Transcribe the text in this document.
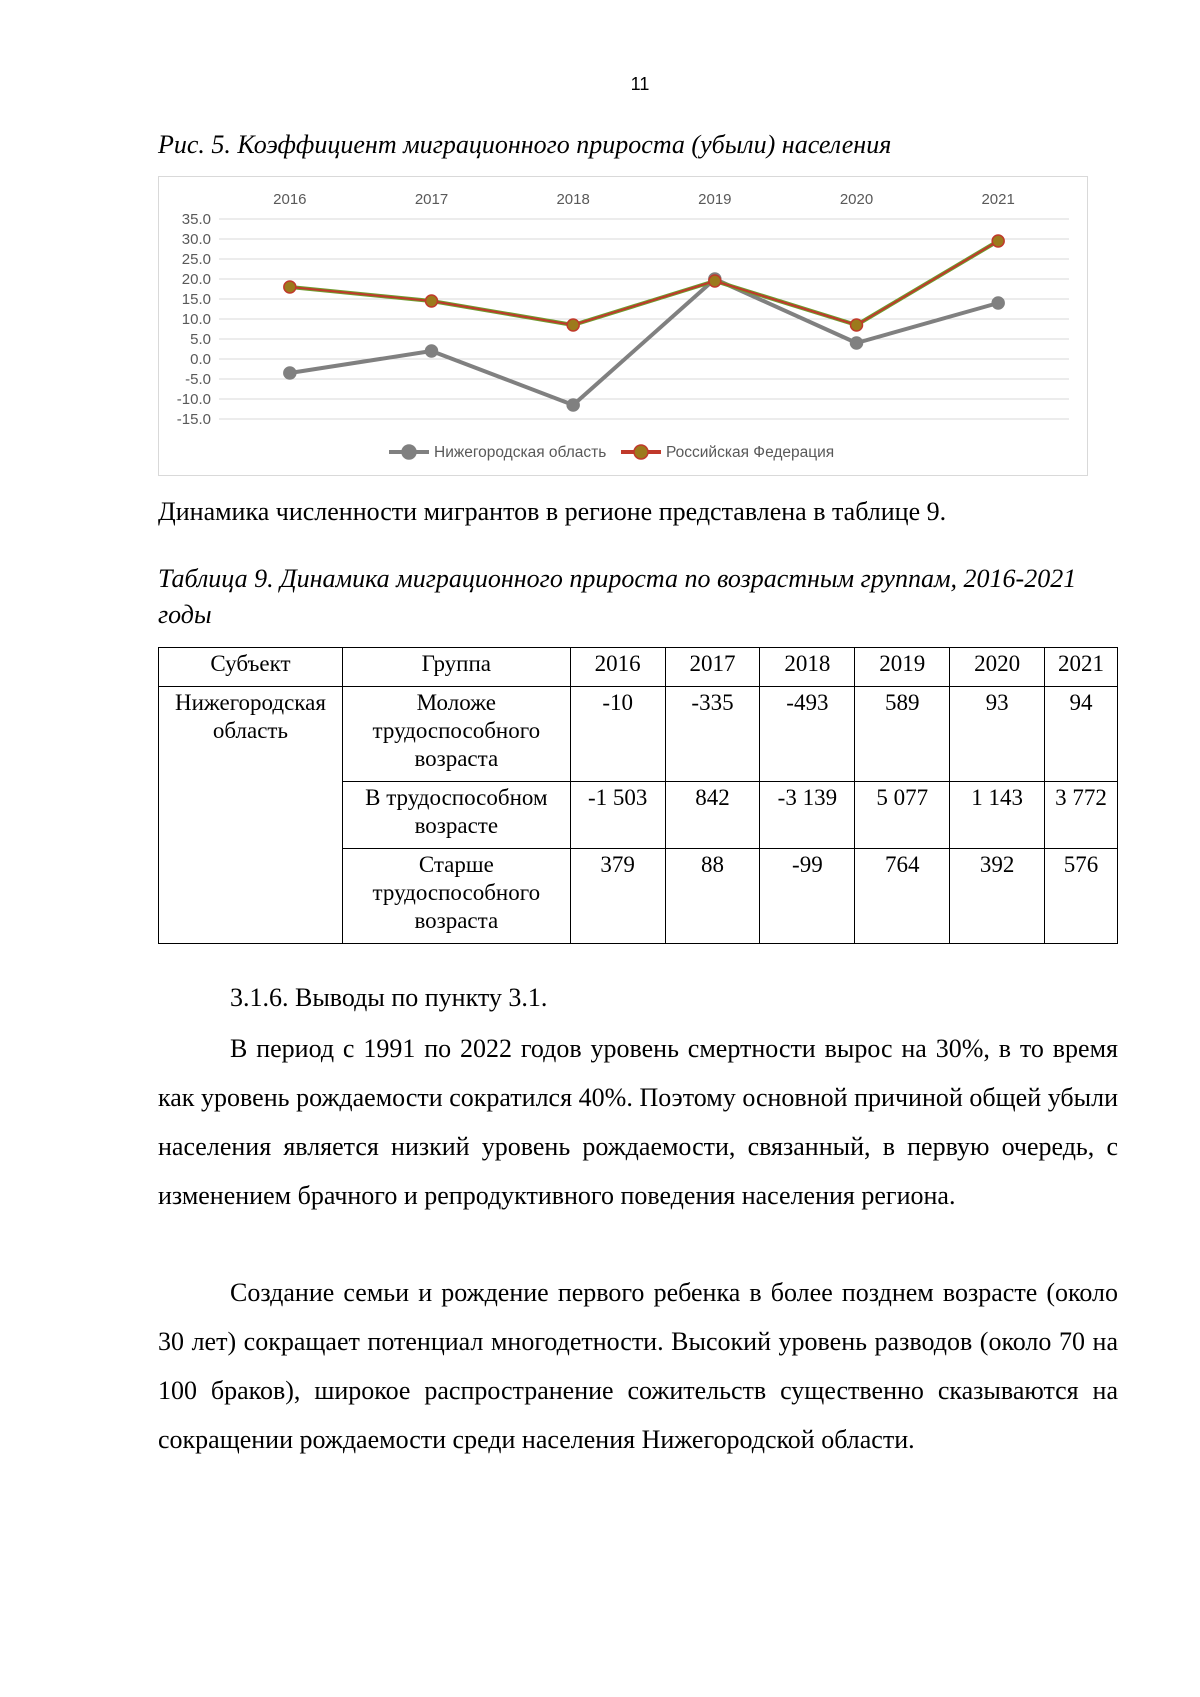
11
Рис. 5. Коэффициент миграционного прироста (убыли) населения
35.0
30.0
25.0
20.0
15.0
10.0
5.0
0.0
-5.0
-10.0
-15.0
2016	2017	2018	2019	2020	2021
Нижегородская область	Российская Федерация
Динамика численности мигрантов в регионе представлена в таблице 9.
Таблица 9. Динамика миграционного прироста по возрастным группам, 2016-2021 годы
Субъект	Группа	2016	2017	2018	2019	2020	2021
Нижегородская область	Моложе трудоспособного возраста	-10	-335	-493	589	93	94
	В трудоспособном возрасте	-1 503	842	-3 139	5 077	1 143	3 772
	Старше трудоспособного возраста	379	88	-99	764	392	576
3.1.6. Выводы по пункту 3.1.
В период с 1991 по 2022 годов уровень смертности вырос на 30%, в то время как уровень рождаемости сократился 40%. Поэтому основной причиной общей убыли населения является низкий уровень рождаемости, связанный, в первую очередь, с изменением брачного и репродуктивного поведения населения региона.
Создание семьи и рождение первого ребенка в более позднем возрасте (около 30 лет) сокращает потенциал многодетности. Высокий уровень разводов (около 70 на 100 браков), широкое распространение сожительств существенно сказываются на сокращении рождаемости среди населения Нижегородской области.
